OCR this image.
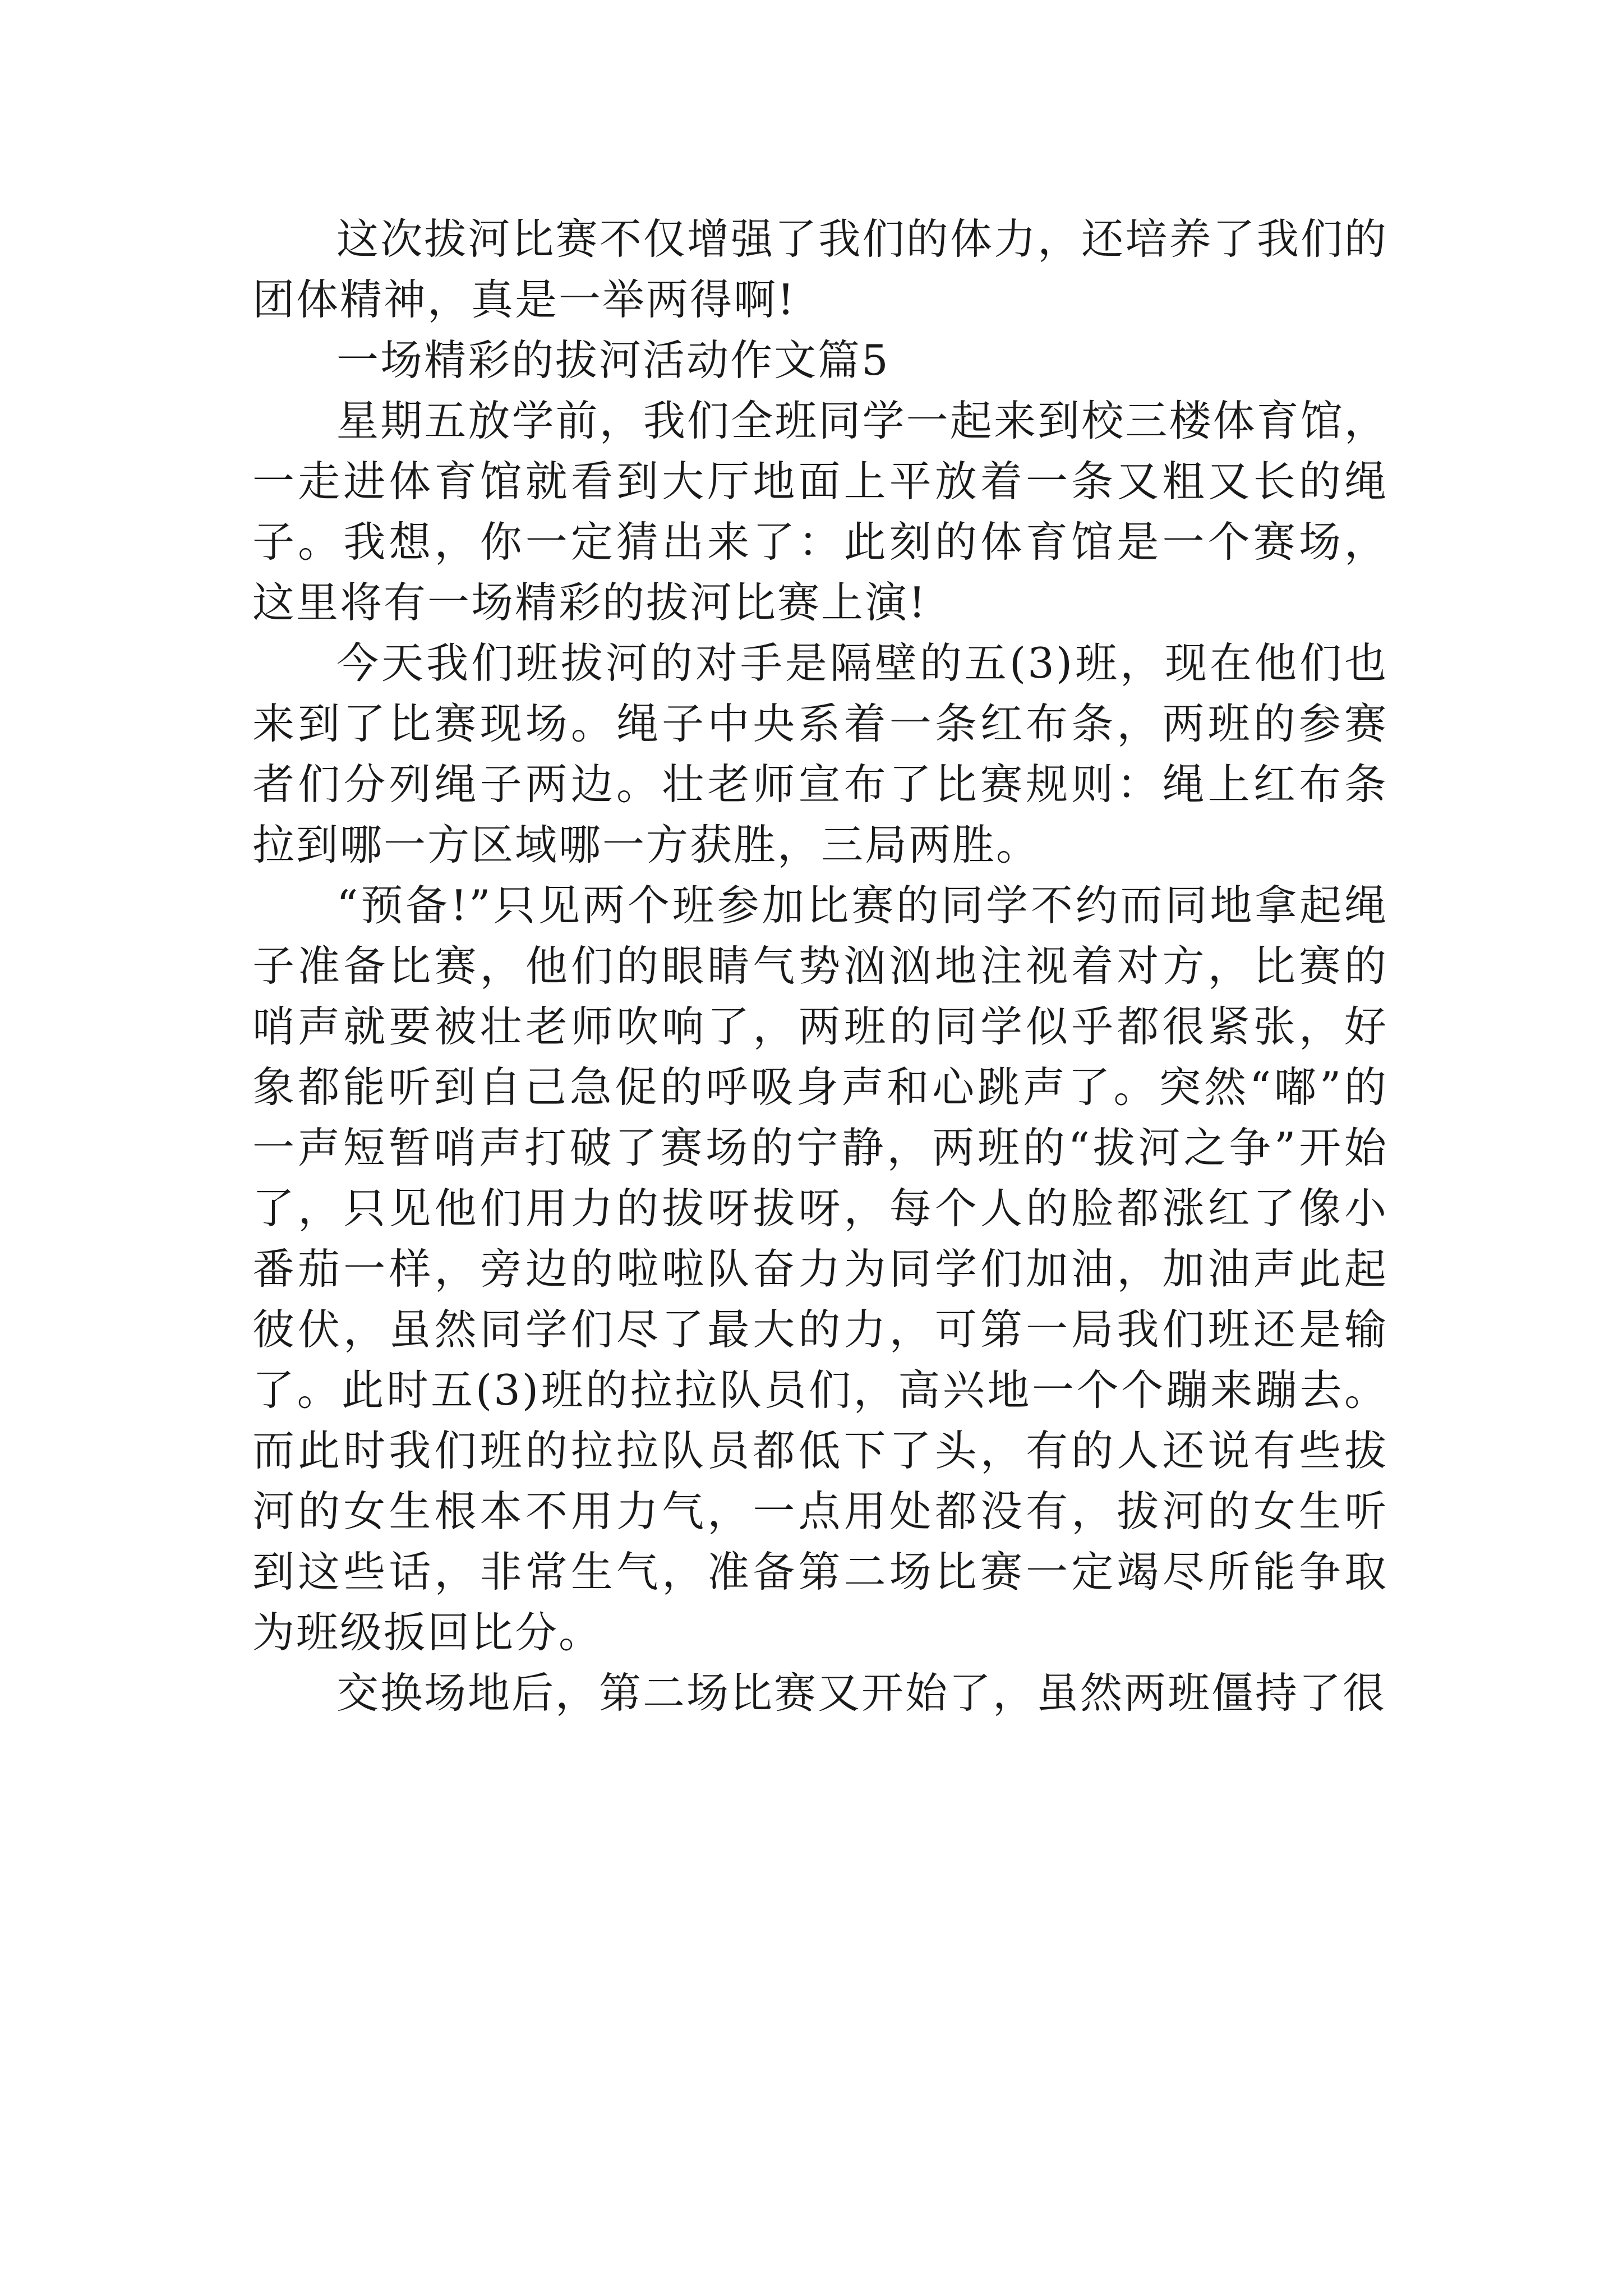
这次拔河比赛不仅增强了我们的体力，还培养了我们的团体精神，真是一举两得啊!

一场精彩的拔河活动作文篇5

星期五放学前，我们全班同学一起来到校三楼体育馆，一走进体育馆就看到大厅地面上平放着一条又粗又长的绳子。我想，你一定猜出来了：此刻的体育馆是一个赛场，这里将有一场精彩的拔河比赛上演!

今天我们班拔河的对手是隔壁的五(3)班，现在他们也来到了比赛现场。绳子中央系着一条红布条，两班的参赛者们分列绳子两边。壮老师宣布了比赛规则：绳上红布条拉到哪一方区域哪一方获胜，三局两胜。

“预备!”只见两个班参加比赛的同学不约而同地拿起绳子准备比赛，他们的眼睛气势汹汹地注视着对方，比赛的哨声就要被壮老师吹响了，两班的同学似乎都很紧张，好象都能听到自己急促的呼吸身声和心跳声了。突然“嘟”的一声短暂哨声打破了赛场的宁静，两班的“拔河之争”开始了，只见他们用力的拔呀拔呀，每个人的脸都涨红了像小番茄一样，旁边的啦啦队奋力为同学们加油，加油声此起彼伏，虽然同学们尽了最大的力，可第一局我们班还是输了。此时五(3)班的拉拉队员们，高兴地一个个蹦来蹦去。而此时我们班的拉拉队员都低下了头，有的人还说有些拔河的女生根本不用力气，一点用处都没有，拔河的女生听到这些话，非常生气，准备第二场比赛一定竭尽所能争取为班级扳回比分。

交换场地后，第二场比赛又开始了，虽然两班僵持了很
